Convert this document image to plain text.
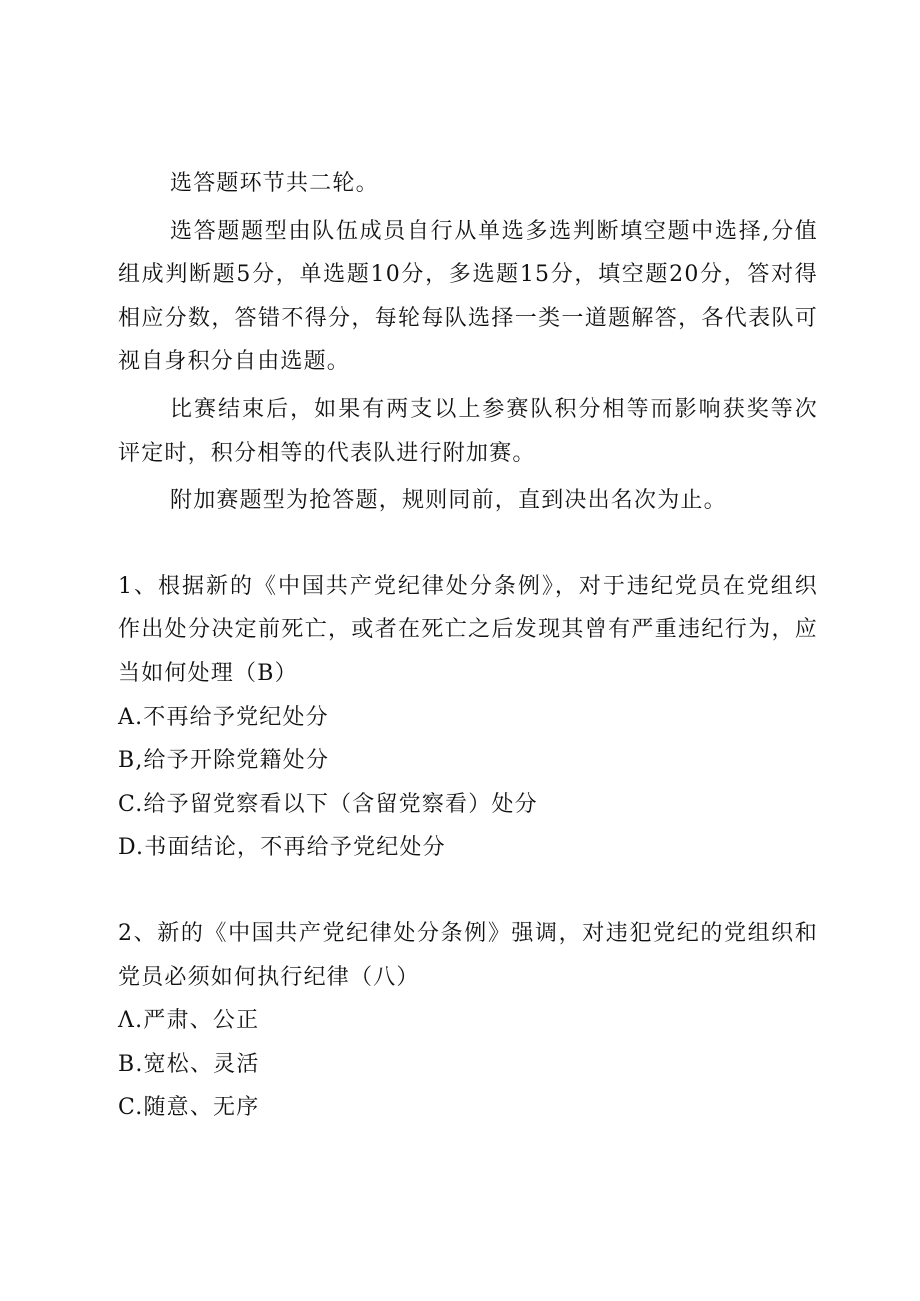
选答题环节共二轮。

选答题题型由队伍成员自行从单选多选判断填空题中选择,分值组成判断题5分，单选题10分，多选题15分，填空题20分，答对得相应分数，答错不得分，每轮每队选择一类一道题解答，各代表队可视自身积分自由选题。

比赛结束后，如果有两支以上参赛队积分相等而影响获奖等次评定时，积分相等的代表队进行附加赛。

附加赛题型为抢答题，规则同前，直到决出名次为止。

1、根据新的《中国共产党纪律处分条例》，对于违纪党员在党组织作出处分决定前死亡，或者在死亡之后发现其曾有严重违纪行为，应当如何处理（B）

A.不再给予党纪处分

B,给予开除党籍处分

C.给予留党察看以下（含留党察看）处分

D.书面结论，不再给予党纪处分

2、新的《中国共产党纪律处分条例》强调，对违犯党纪的党组织和党员必须如何执行纪律（八）

Λ.严肃、公正

B.宽松、灵活

C.随意、无序
